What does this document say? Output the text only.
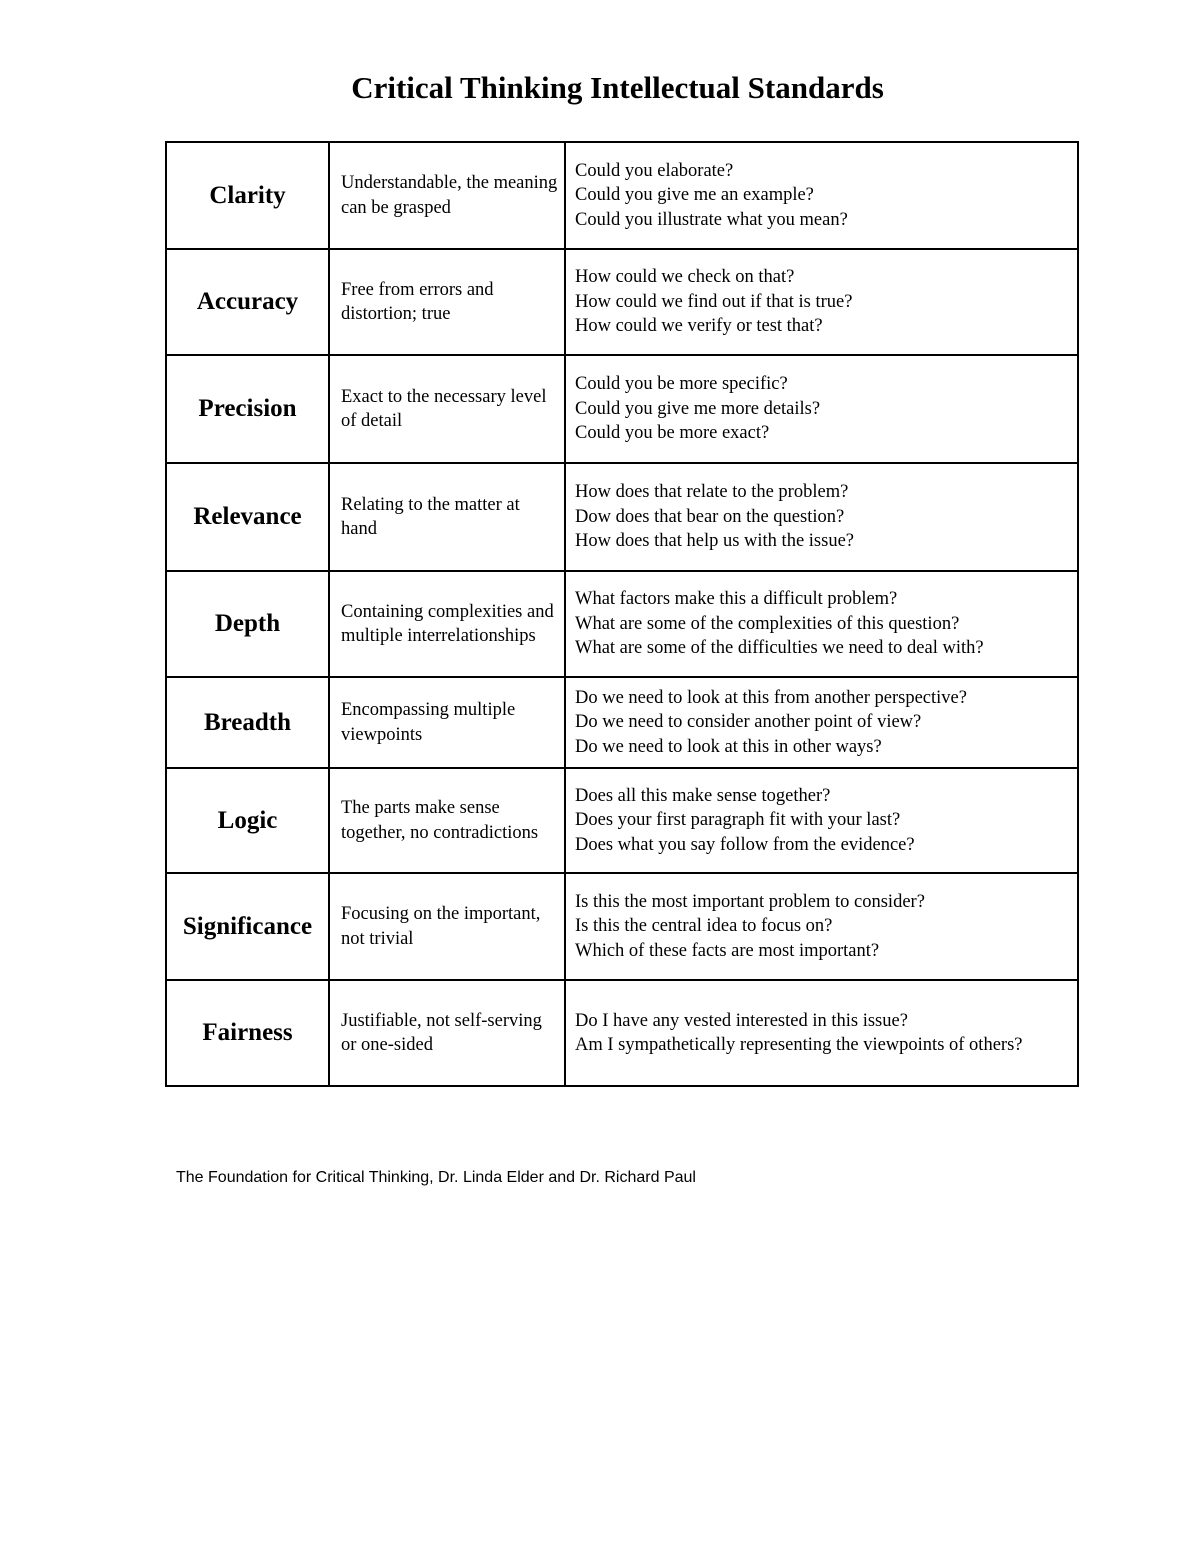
Critical Thinking Intellectual Standards
Clarity	Understandable, the meaning can be grasped	Could you elaborate?
Could you give me an example?
Could you illustrate what you mean?

Accuracy	Free from errors and distortion; true	How could we check on that?
How could we find out if that is true?
How could we verify or test that?

Precision	Exact to the necessary level of detail	Could you be more specific?
Could you give me more details?
Could you be more exact?

Relevance	Relating to the matter at hand	How does that relate to the problem?
Dow does that bear on the question?
How does that help us with the issue?

Depth	Containing complexities and multiple interrelationships	What factors make this a difficult problem?
What are some of the complexities of this question?
What are some of the difficulties we need to deal with?

Breadth	Encompassing multiple viewpoints	Do we need to look at this from another perspective?
Do we need to consider another point of view?
Do we need to look at this in other ways?

Logic	The parts make sense together, no contradictions	Does all this make sense together?
Does your first paragraph fit with your last?
Does what you say follow from the evidence?

Significance	Focusing on the important, not trivial	Is this the most important problem to consider?
Is this the central idea to focus on?
Which of these facts are most important?

Fairness	Justifiable, not self-serving or one-sided	Do I have any vested interested in this issue?
Am I sympathetically representing the viewpoints of others?

The Foundation for Critical Thinking, Dr. Linda Elder and Dr. Richard Paul
